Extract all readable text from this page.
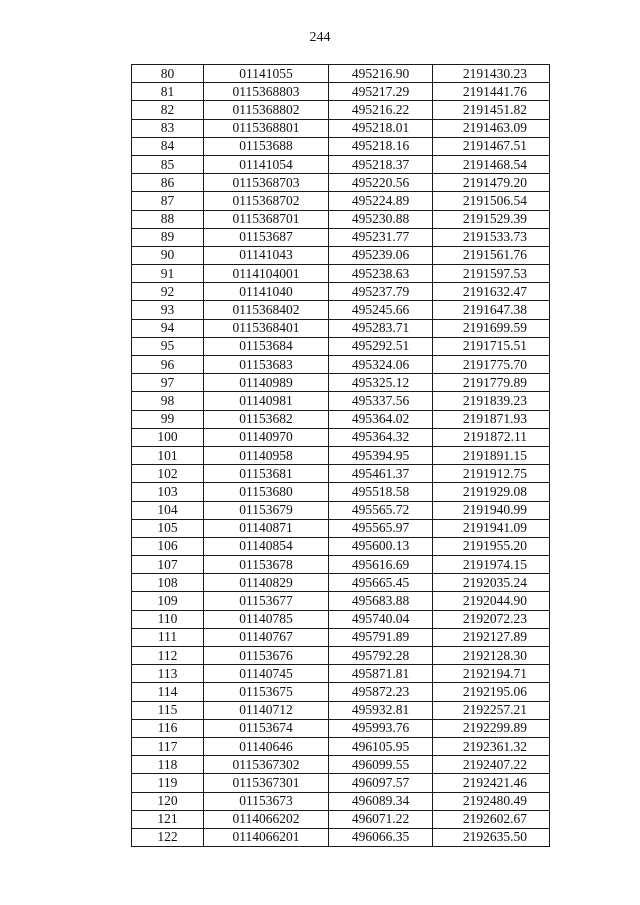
244
80	01141055	495216.90	2191430.23
81	0115368803	495217.29	2191441.76
82	0115368802	495216.22	2191451.82
83	0115368801	495218.01	2191463.09
84	01153688	495218.16	2191467.51
85	01141054	495218.37	2191468.54
86	0115368703	495220.56	2191479.20
87	0115368702	495224.89	2191506.54
88	0115368701	495230.88	2191529.39
89	01153687	495231.77	2191533.73
90	01141043	495239.06	2191561.76
91	0114104001	495238.63	2191597.53
92	01141040	495237.79	2191632.47
93	0115368402	495245.66	2191647.38
94	0115368401	495283.71	2191699.59
95	01153684	495292.51	2191715.51
96	01153683	495324.06	2191775.70
97	01140989	495325.12	2191779.89
98	01140981	495337.56	2191839.23
99	01153682	495364.02	2191871.93
100	01140970	495364.32	2191872.11
101	01140958	495394.95	2191891.15
102	01153681	495461.37	2191912.75
103	01153680	495518.58	2191929.08
104	01153679	495565.72	2191940.99
105	01140871	495565.97	2191941.09
106	01140854	495600.13	2191955.20
107	01153678	495616.69	2191974.15
108	01140829	495665.45	2192035.24
109	01153677	495683.88	2192044.90
110	01140785	495740.04	2192072.23
111	01140767	495791.89	2192127.89
112	01153676	495792.28	2192128.30
113	01140745	495871.81	2192194.71
114	01153675	495872.23	2192195.06
115	01140712	495932.81	2192257.21
116	01153674	495993.76	2192299.89
117	01140646	496105.95	2192361.32
118	0115367302	496099.55	2192407.22
119	0115367301	496097.57	2192421.46
120	01153673	496089.34	2192480.49
121	0114066202	496071.22	2192602.67
122	0114066201	496066.35	2192635.50
